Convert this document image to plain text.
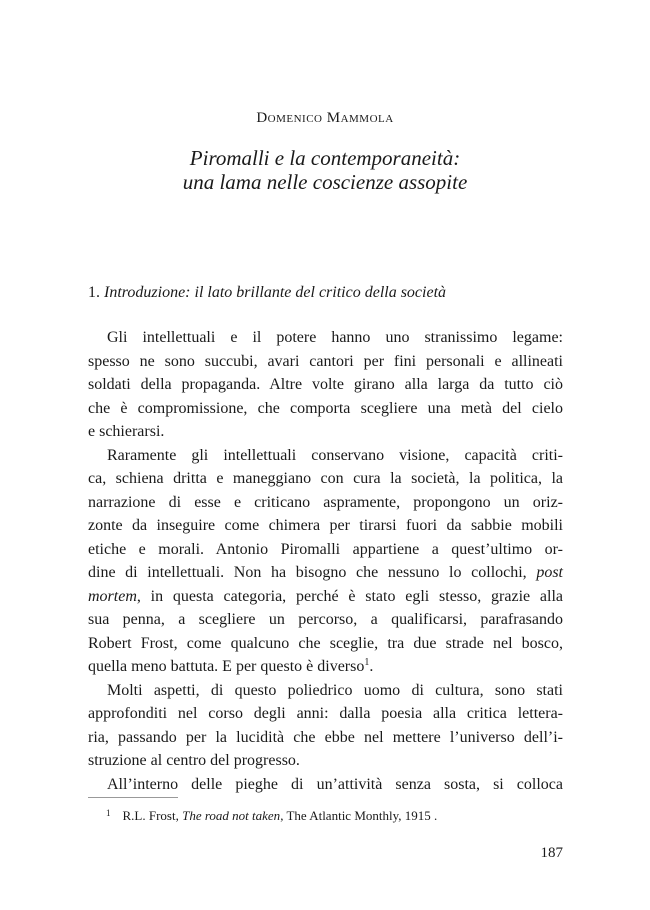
Domenico Mammola
Piromalli e la contemporaneità:
una lama nelle coscienze assopite
1. Introduzione: il lato brillante del critico della società
Gli intellettuali e il potere hanno uno stranissimo legame:
spesso ne sono succubi, avari cantori per fini personali e allineati
soldati della propaganda. Altre volte girano alla larga da tutto ciò
che è compromissione, che comporta scegliere una metà del cielo
e schierarsi.
Raramente gli intellettuali conservano visione, capacità criti-
ca, schiena dritta e maneggiano con cura la società, la politica, la
narrazione di esse e criticano aspramente, propongono un oriz-
zonte da inseguire come chimera per tirarsi fuori da sabbie mobili
etiche e morali. Antonio Piromalli appartiene a quest’ultimo or-
dine di intellettuali. Non ha bisogno che nessuno lo collochi, post
mortem, in questa categoria, perché è stato egli stesso, grazie alla
sua penna, a scegliere un percorso, a qualificarsi, parafrasando
Robert Frost, come qualcuno che sceglie, tra due strade nel bosco,
quella meno battuta. E per questo è diverso$^1$.
Molti aspetti, di questo poliedrico uomo di cultura, sono stati
approfonditi nel corso degli anni: dalla poesia alla critica lettera-
ria, passando per la lucidità che ebbe nel mettere l’universo dell’i-
struzione al centro del progresso.
All’interno delle pieghe di un’attività senza sosta, si colloca
$^1$ R.L. Frost, The road not taken, The Atlantic Monthly, 1915 .
187
